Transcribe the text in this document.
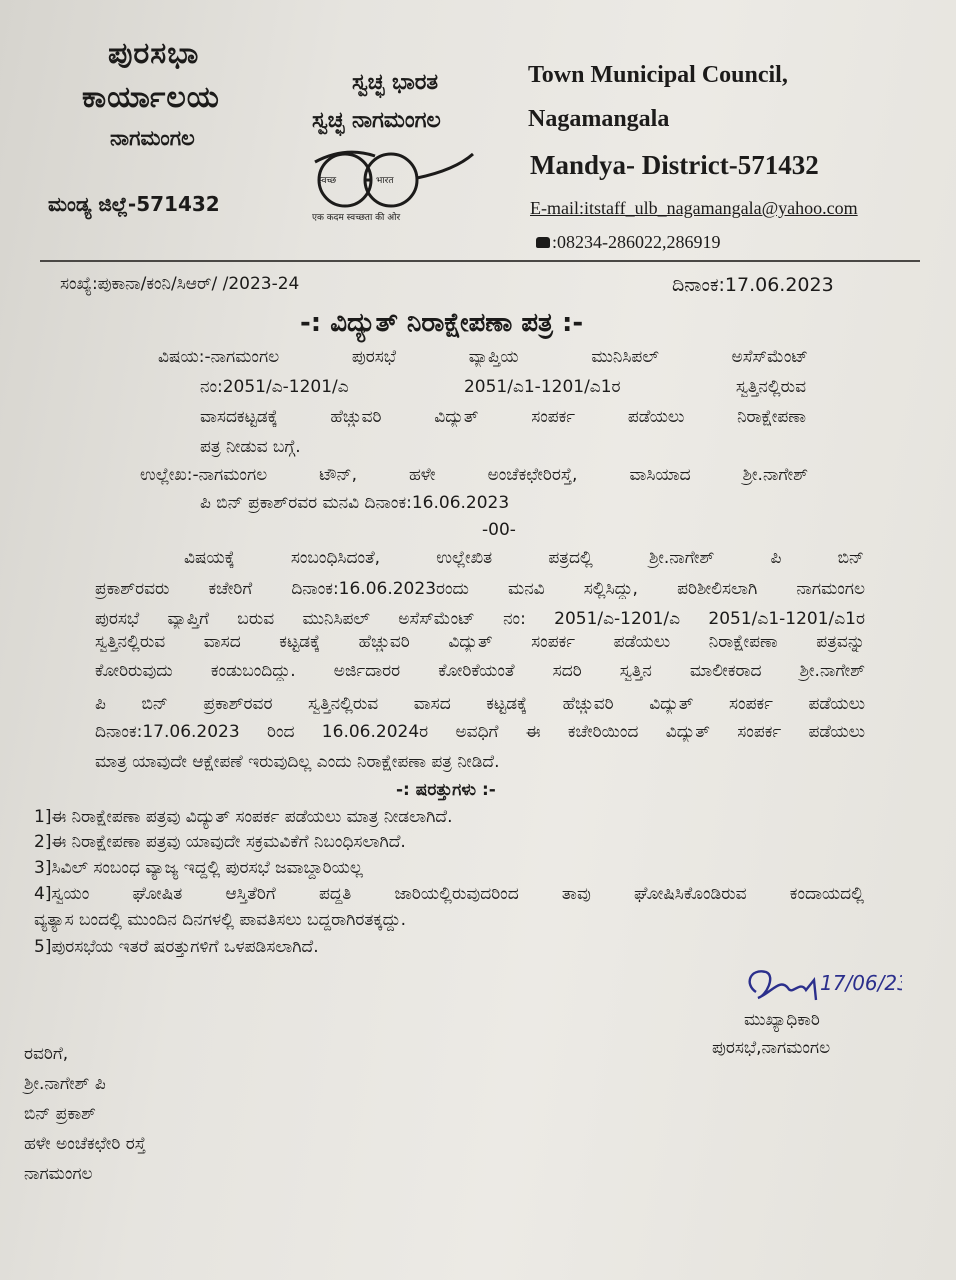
ಪುರಸಭಾ
ಕಾರ್ಯಾಲಯ
ನಾಗಮಂಗಲ
ಮಂಡ್ಯ ಜಿಲ್ಲೆ-571432
ಸ್ವಚ್ಛ ಭಾರತ
ಸ್ವಚ್ಛ ನಾಗಮಂಗಲ
स्वच्छ	भारत
एक कदम स्वच्छता की ओर
Town Municipal Council,
Nagamangala
Mandya- District-571432
E-mail:itstaff_ulb_nagamangala@yahoo.com
:08234-286022,286919
ಸಂಖ್ಯೆ:ಪುಕಾನಾ/ಕಂನಿ/ಸಿಆರ್/ /2023-24	ದಿನಾಂಕ:17.06.2023
-: ವಿದ್ಯುತ್ ನಿರಾಕ್ಷೇಪಣಾ ಪತ್ರ :-
ವಿಷಯ:-ನಾಗಮಂಗಲ ಪುರಸಭೆ ವ್ಯಾಪ್ತಿಯ ಮುನಿಸಿಪಲ್ ಅಸೆಸ್‌ಮೆಂಟ್
ನಂ:2051/ಎ-1201/ಎ 2051/ಎ1-1201/ಎ1ರ ಸ್ವತ್ತಿನಲ್ಲಿರುವ
ವಾಸದಕಟ್ಟಡಕ್ಕೆ ಹೆಚ್ಚುವರಿ ವಿದ್ಯುತ್ ಸಂಪರ್ಕ ಪಡೆಯಲು ನಿರಾಕ್ಷೇಪಣಾ
ಪತ್ರ ನೀಡುವ ಬಗ್ಗೆ.
ಉಲ್ಲೇಖ:-ನಾಗಮಂಗಲ ಟೌನ್, ಹಳೇ ಅಂಚೆಕಛೇರಿರಸ್ತೆ, ವಾಸಿಯಾದ ಶ್ರೀ.ನಾಗೇಶ್
ಪಿ ಬಿನ್ ಪ್ರಕಾಶ್‌ರವರ ಮನವಿ ದಿನಾಂಕ:16.06.2023
-00-
ವಿಷಯಕ್ಕೆ ಸಂಬಂಧಿಸಿದಂತೆ, ಉಲ್ಲೇಖಿತ ಪತ್ರದಲ್ಲಿ ಶ್ರೀ.ನಾಗೇಶ್ ಪಿ ಬಿನ್
ಪ್ರಕಾಶ್‌ರವರು ಕಚೇರಿಗೆ ದಿನಾಂಕ:16.06.2023ರಂದು ಮನವಿ ಸಲ್ಲಿಸಿದ್ದು, ಪರಿಶೀಲಿಸಲಾಗಿ ನಾಗಮಂಗಲ
ಪುರಸಭೆ ವ್ಯಾಪ್ತಿಗೆ ಬರುವ ಮುನಿಸಿಪಲ್ ಅಸೆಸ್‌ಮೆಂಟ್ ನಂ: 2051/ಎ-1201/ಎ 2051/ಎ1-1201/ಎ1ರ
ಸ್ವತ್ತಿನಲ್ಲಿರುವ ವಾಸದ ಕಟ್ಟಡಕ್ಕೆ ಹೆಚ್ಚುವರಿ ವಿದ್ಯುತ್ ಸಂಪರ್ಕ ಪಡೆಯಲು ನಿರಾಕ್ಷೇಪಣಾ ಪತ್ರವನ್ನು
ಕೋರಿರುವುದು ಕಂಡುಬಂದಿದ್ದು. ಅರ್ಜಿದಾರರ ಕೋರಿಕೆಯಂತೆ ಸದರಿ ಸ್ವತ್ತಿನ ಮಾಲೀಕರಾದ ಶ್ರೀ.ನಾಗೇಶ್
ಪಿ ಬಿನ್ ಪ್ರಕಾಶ್‌ರವರ ಸ್ವತ್ತಿನಲ್ಲಿರುವ ವಾಸದ ಕಟ್ಟಡಕ್ಕೆ ಹೆಚ್ಚುವರಿ ವಿದ್ಯುತ್ ಸಂಪರ್ಕ ಪಡೆಯಲು
ದಿನಾಂಕ:17.06.2023 ರಿಂದ 16.06.2024ರ ಅವಧಿಗೆ ಈ ಕಚೇರಿಯಿಂದ ವಿದ್ಯುತ್ ಸಂಪರ್ಕ ಪಡೆಯಲು
ಮಾತ್ರ ಯಾವುದೇ ಆಕ್ಷೇಪಣೆ ಇರುವುದಿಲ್ಲ ಎಂದು ನಿರಾಕ್ಷೇಪಣಾ ಪತ್ರ ನೀಡಿದೆ.
-: ಷರತ್ತುಗಳು :-
1]ಈ ನಿರಾಕ್ಷೇಪಣಾ ಪತ್ರವು ವಿದ್ಯುತ್ ಸಂಪರ್ಕ ಪಡೆಯಲು ಮಾತ್ರ ನೀಡಲಾಗಿದೆ.
2]ಈ ನಿರಾಕ್ಷೇಪಣಾ ಪತ್ರವು ಯಾವುದೇ ಸಕ್ರಮವಿಕೆಗೆ ನಿಬಂಧಿಸಲಾಗಿದೆ.
3]ಸಿವಿಲ್ ಸಂಬಂಧ ವ್ಯಾಜ್ಯ ಇದ್ದಲ್ಲಿ ಪುರಸಭೆ ಜವಾಬ್ದಾರಿಯಲ್ಲ
4]ಸ್ವಯಂ ಘೋಷಿತ ಆಸ್ತಿತೆರಿಗೆ ಪದ್ಧತಿ ಜಾರಿಯಲ್ಲಿರುವುದರಿಂದ ತಾವು ಘೋಷಿಸಿಕೊಂಡಿರುವ ಕಂದಾಯದಲ್ಲಿ
ವ್ಯತ್ಯಾಸ ಬಂದಲ್ಲಿ ಮುಂದಿನ ದಿನಗಳಲ್ಲಿ ಪಾವತಿಸಲು ಬದ್ದರಾಗಿರತಕ್ಕದ್ದು.
5]ಪುರಸಭೆಯ ಇತರೆ ಷರತ್ತುಗಳಿಗೆ ಒಳಪಡಿಸಲಾಗಿದೆ.
17/06/23
ಮುಖ್ಯಾಧಿಕಾರಿ
ಪುರಸಭೆ,ನಾಗಮಂಗಲ
ರವರಿಗೆ,
ಶ್ರೀ.ನಾಗೇಶ್ ಪಿ
ಬಿನ್ ಪ್ರಕಾಶ್
ಹಳೇ ಅಂಚೆಕಛೇರಿ ರಸ್ತೆ
ನಾಗಮಂಗಲ
